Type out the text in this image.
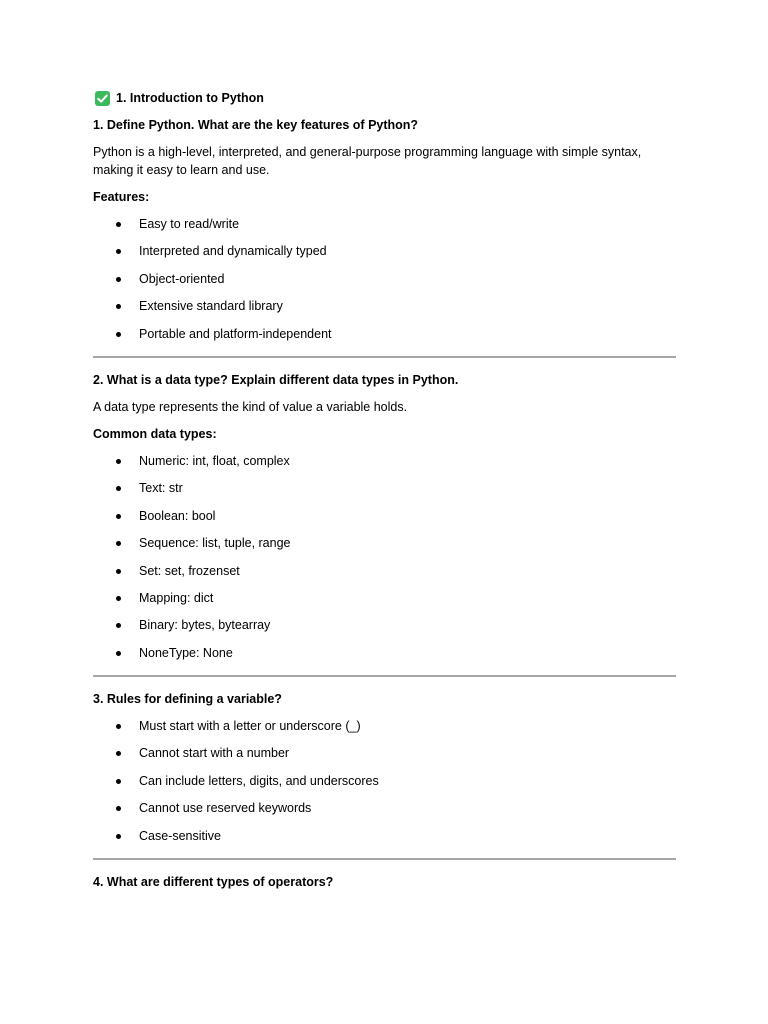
1. Introduction to Python

1. Define Python. What are the key features of Python?

Python is a high-level, interpreted, and general-purpose programming language with simple syntax, making it easy to learn and use.

Features:

Easy to read/write
Interpreted and dynamically typed
Object-oriented
Extensive standard library
Portable and platform-independent

2. What is a data type? Explain different data types in Python.

A data type represents the kind of value a variable holds.

Common data types:

Numeric: int, float, complex
Text: str
Boolean: bool
Sequence: list, tuple, range
Set: set, frozenset
Mapping: dict
Binary: bytes, bytearray
NoneType: None

3. Rules for defining a variable?

Must start with a letter or underscore (_)
Cannot start with a number
Can include letters, digits, and underscores
Cannot use reserved keywords
Case-sensitive

4. What are different types of operators?
